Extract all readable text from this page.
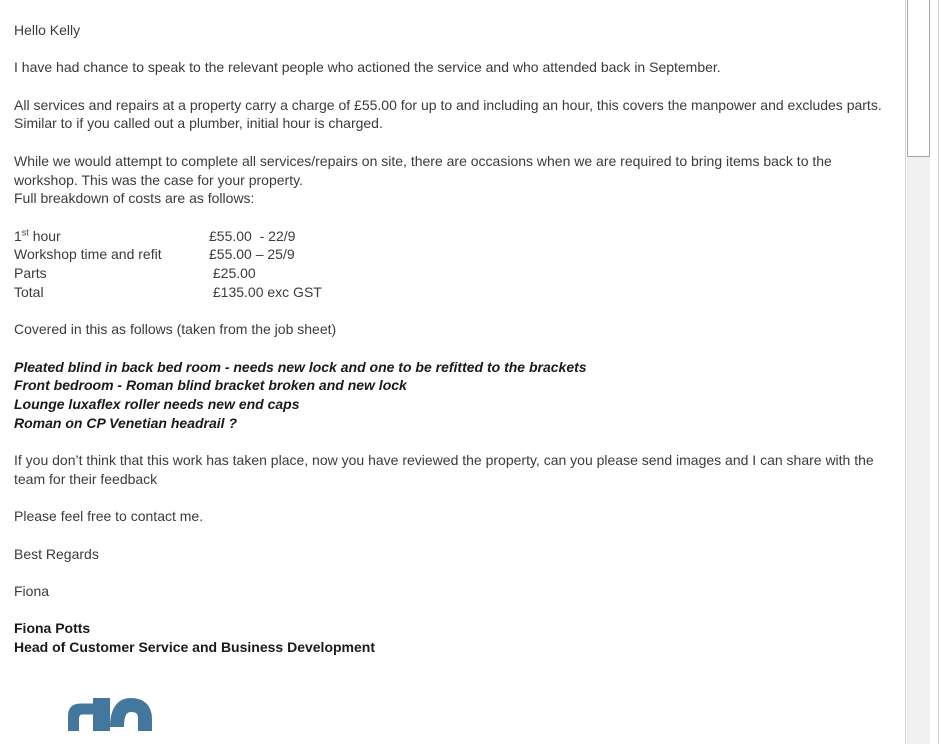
Hello Kelly

I have had chance to speak to the relevant people who actioned the service and who attended back in September.

All services and repairs at a property carry a charge of £55.00 for up to and including an hour, this covers the manpower and excludes parts. Similar to if you called out a plumber, initial hour is charged.

While we would attempt to complete all services/repairs on site, there are occasions when we are required to bring items back to the workshop. This was the case for your property.
Full breakdown of costs are as follows:

1st hour	£55.00  - 22/9
Workshop time and refit	£55.00 – 25/9
Parts	£25.00
Total	£135.00 exc GST

Covered in this as follows (taken from the job sheet)

Pleated blind in back bed room - needs new lock and one to be refitted to the brackets
Front bedroom - Roman blind bracket broken and new lock
Lounge luxaflex roller needs new end caps
Roman on CP Venetian headrail ?

If you don’t think that this work has taken place, now you have reviewed the property, can you please send images and I can share with the team for their feedback

Please feel free to contact me.

Best Regards

Fiona

Fiona Potts
Head of Customer Service and Business Development
